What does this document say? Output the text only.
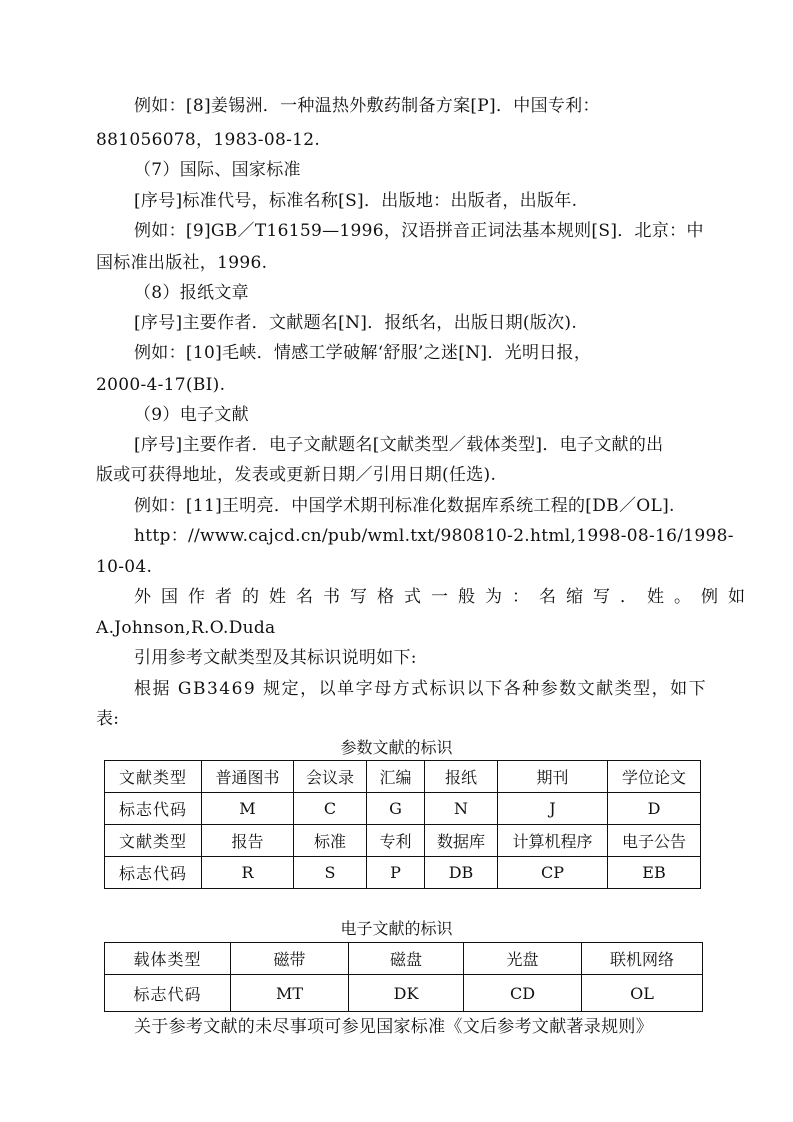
例如：[8]姜锡洲．一种温热外敷药制备方案[P]．中国专利：
881056078，1983-08-12.
（7）国际、国家标准
[序号]标准代号，标准名称[S]．出版地：出版者，出版年.
例如：[9]GB／T16159—1996，汉语拼音正词法基本规则[S]．北京：中
国标准出版社，1996.
（8）报纸文章
[序号]主要作者．文献题名[N]．报纸名，出版日期(版次).
例如：[10]毛峡．情感工学破解‘舒服’之迷[N]．光明日报，
2000-4-17(BI).
（9）电子文献
[序号]主要作者．电子文献题名[文献类型／载体类型]．电子文献的出
版或可获得地址，发表或更新日期／引用日期(任选).
例如：[11]王明亮．中国学术期刊标准化数据库系统工程的[DB／OL].
http：//www.cajcd.cn/pub/wml.txt/980810-2.html,1998-08-16/1998-
10-04.
外国作者的姓名书写格式一般为：名缩写．姓。例如
A.Johnson,R.O.Duda
引用参考文献类型及其标识说明如下:
根据 GB3469 规定，以单字母方式标识以下各种参数文献类型，如下
表:
参数文献的标识
文献类型	普通图书	会议录	汇编	报纸	期刊	学位论文
标志代码	M	C	G	N	J	D
文献类型	报告	标准	专利	数据库	计算机程序	电子公告
标志代码	R	S	P	DB	CP	EB
电子文献的标识
载体类型	磁带	磁盘	光盘	联机网络
标志代码	MT	DK	CD	OL
关于参考文献的未尽事项可参见国家标准《文后参考文献著录规则》
